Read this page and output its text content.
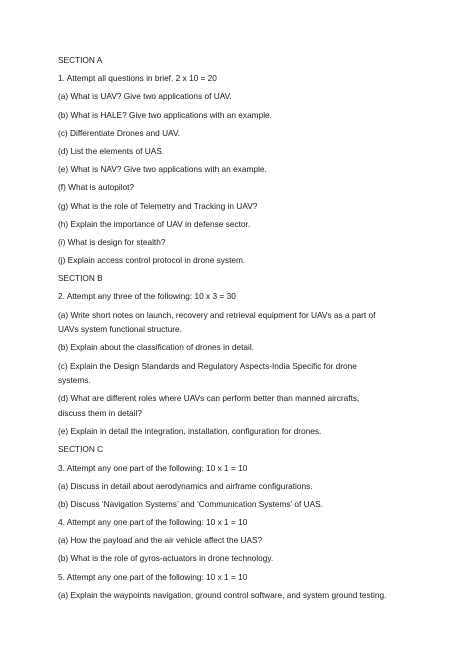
SECTION A
1. Attempt all questions in brief. 2 x 10 = 20
(a) What is UAV? Give two applications of UAV.
(b) What is HALE? Give two applications with an example.
(c) Differentiate Drones and UAV.
(d) List the elements of UAS.
(e) What is NAV? Give two applications with an example.
(f) What is autopilot?
(g) What is the role of Telemetry and Tracking in UAV?
(h) Explain the importance of UAV in defense sector.
(i) What is design for stealth?
(j) Explain access control protocol in drone system.
SECTION B
2. Attempt any three of the following: 10 x 3 = 30
(a) Write short notes on launch, recovery and retrieval equipment for UAVs as a part of
UAVs system functional structure.
(b) Explain about the classification of drones in detail.
(c) Explain the Design Standards and Regulatory Aspects-India Specific for drone
systems.
(d) What are different roles where UAVs can perform better than manned aircrafts,
discuss them in detail?
(e) Explain in detail the integration, installation, configuration for drones.
SECTION C
3. Attempt any one part of the following: 10 x 1 = 10
(a) Discuss in detail about aerodynamics and airframe configurations.
(b) Discuss ‘Navigation Systems’ and ‘Communication Systems’ of UAS.
4. Attempt any one part of the following: 10 x 1 = 10
(a) How the payload and the air vehicle affect the UAS?
(b) What is the role of gyros-actuators in drone technology.
5. Attempt any one part of the following: 10 x 1 = 10
(a) Explain the waypoints navigation, ground control software, and system ground testing.
